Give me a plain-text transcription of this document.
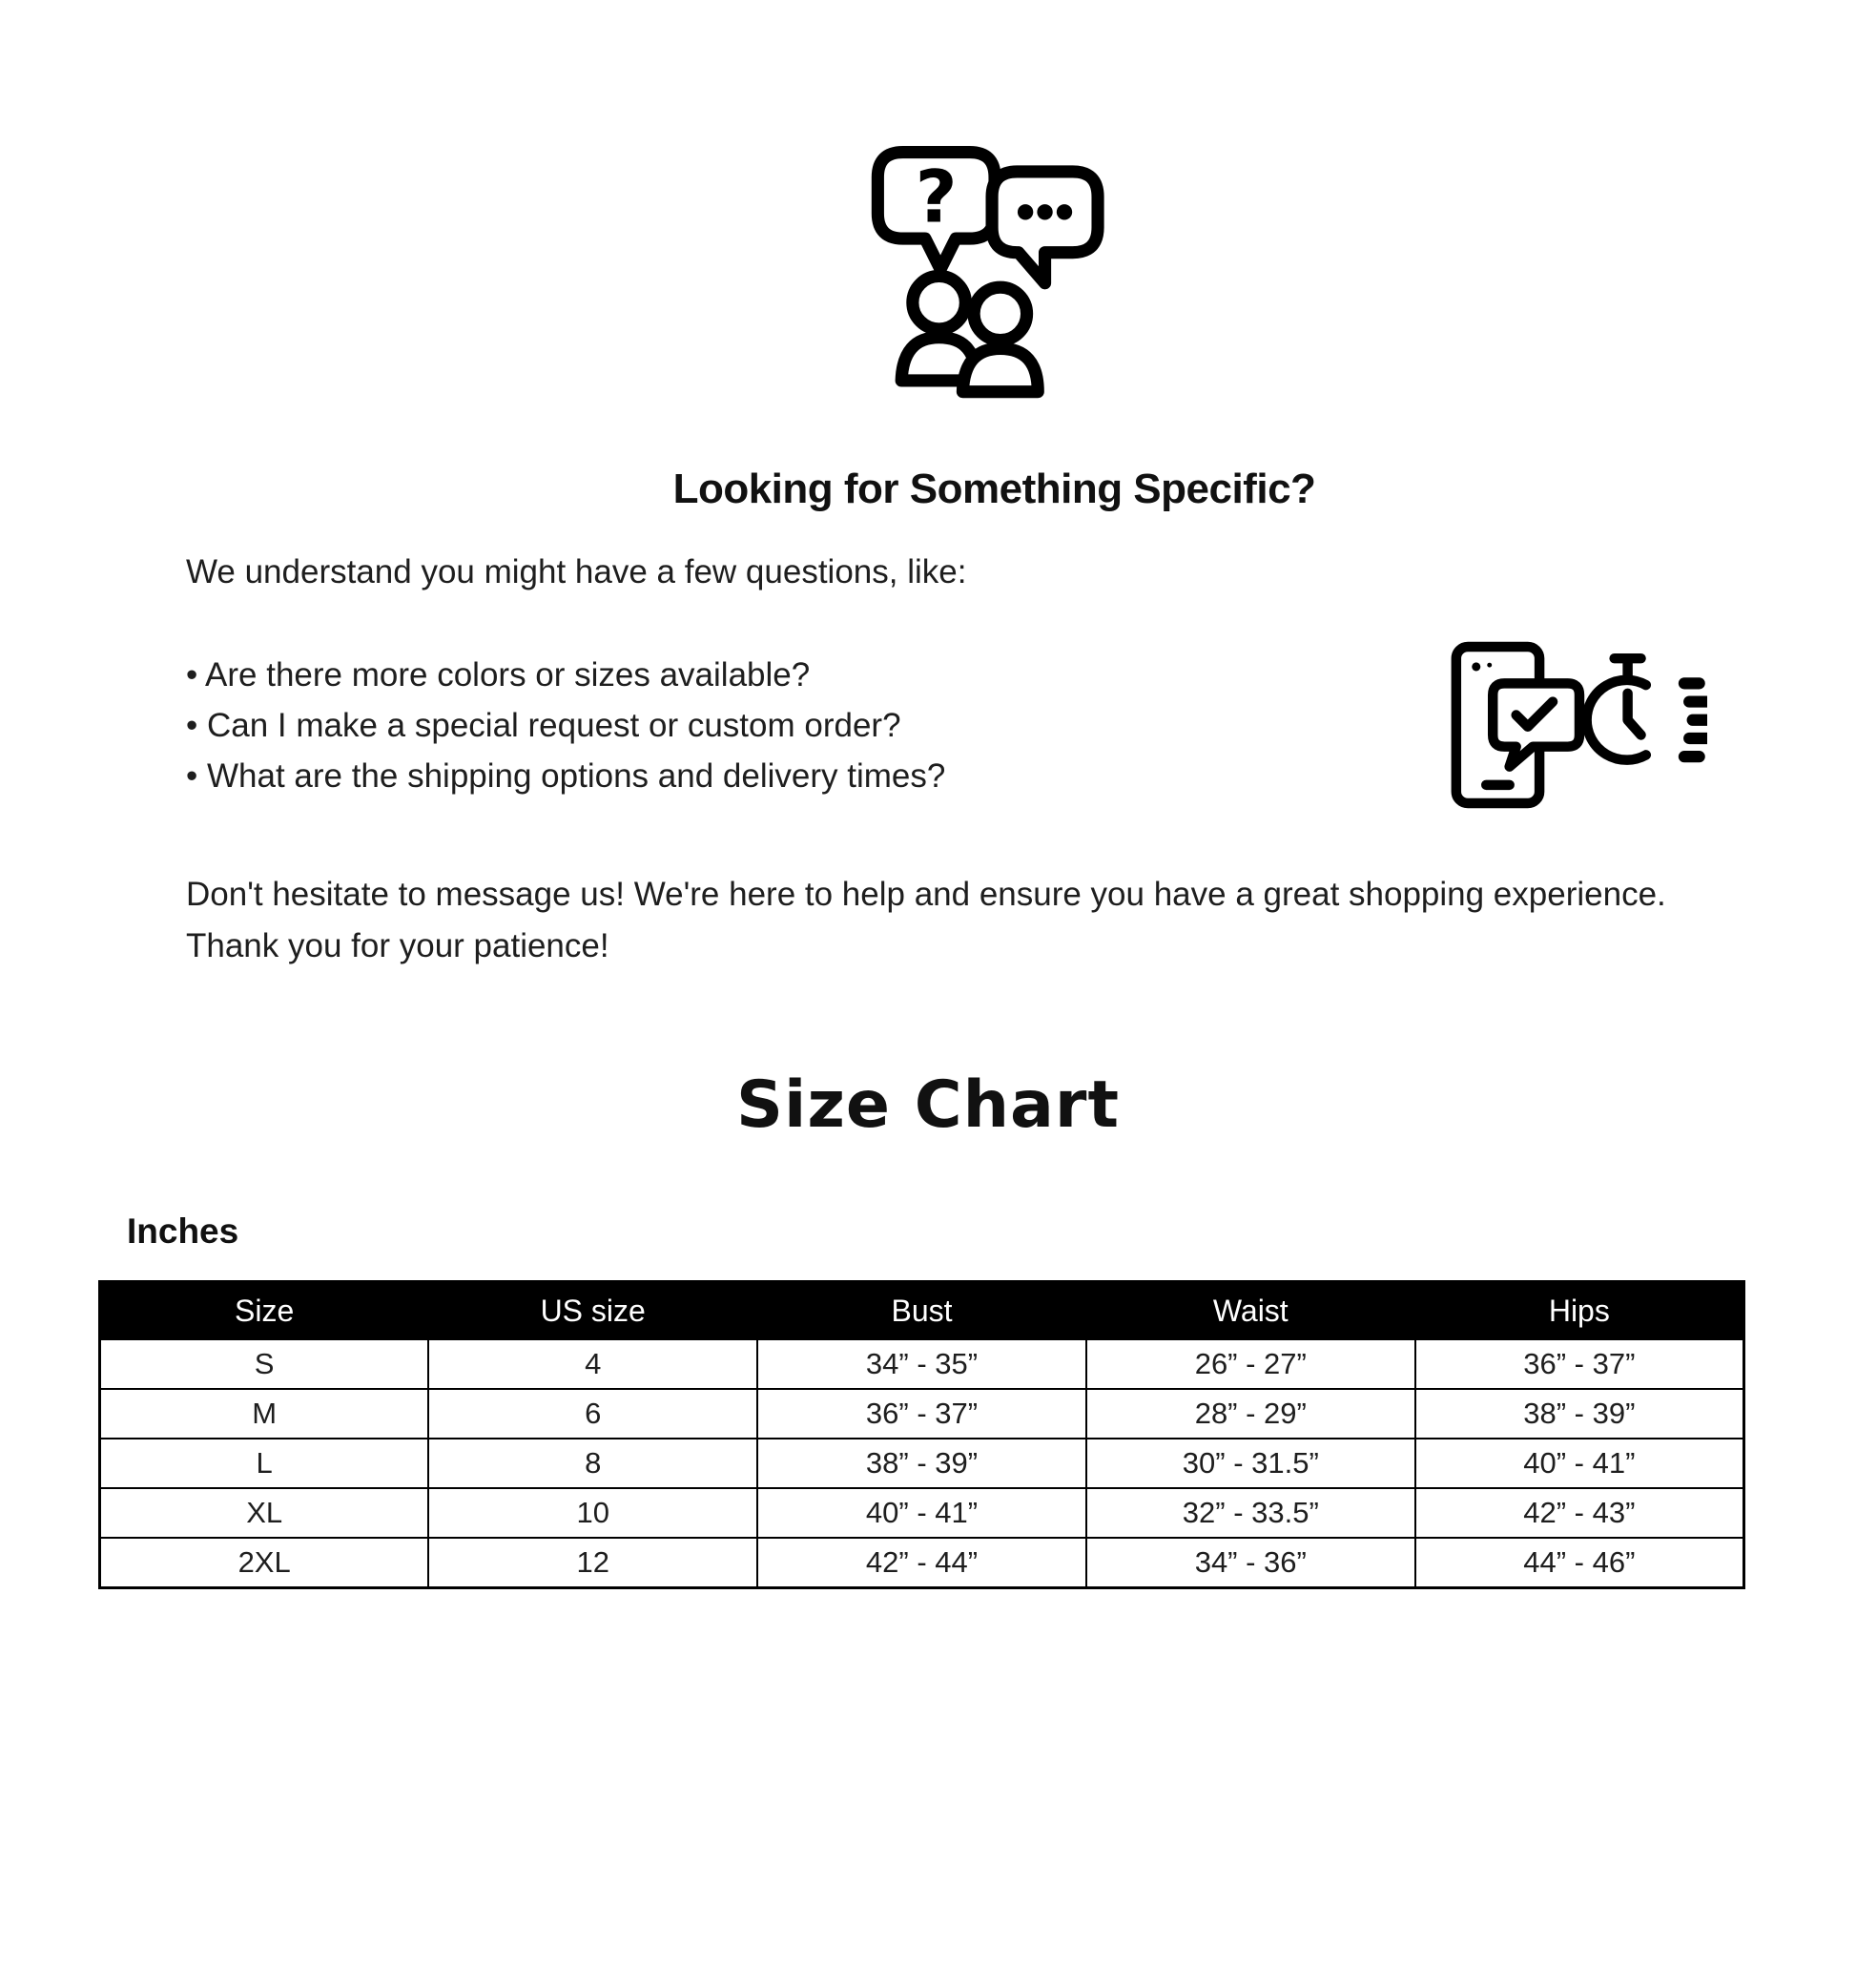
?
Looking for Something Specific?

We understand you might have a few questions, like:

• Are there more colors or sizes available?
• Can I make a special request or custom order?
• What are the shipping options and delivery times?

Don't hesitate to message us! We're here to help and ensure you have a great shopping experience. Thank you for your patience!

Size Chart
Inches
Size	US size	Bust	Waist	Hips
S	4	34” - 35”	26” - 27”	36” - 37”
M	6	36” - 37”	28” - 29”	38” - 39”
L	8	38” - 39”	30” - 31.5”	40” - 41”
XL	10	40” - 41”	32” - 33.5”	42” - 43”
2XL	12	42” - 44”	34” - 36”	44” - 46”
